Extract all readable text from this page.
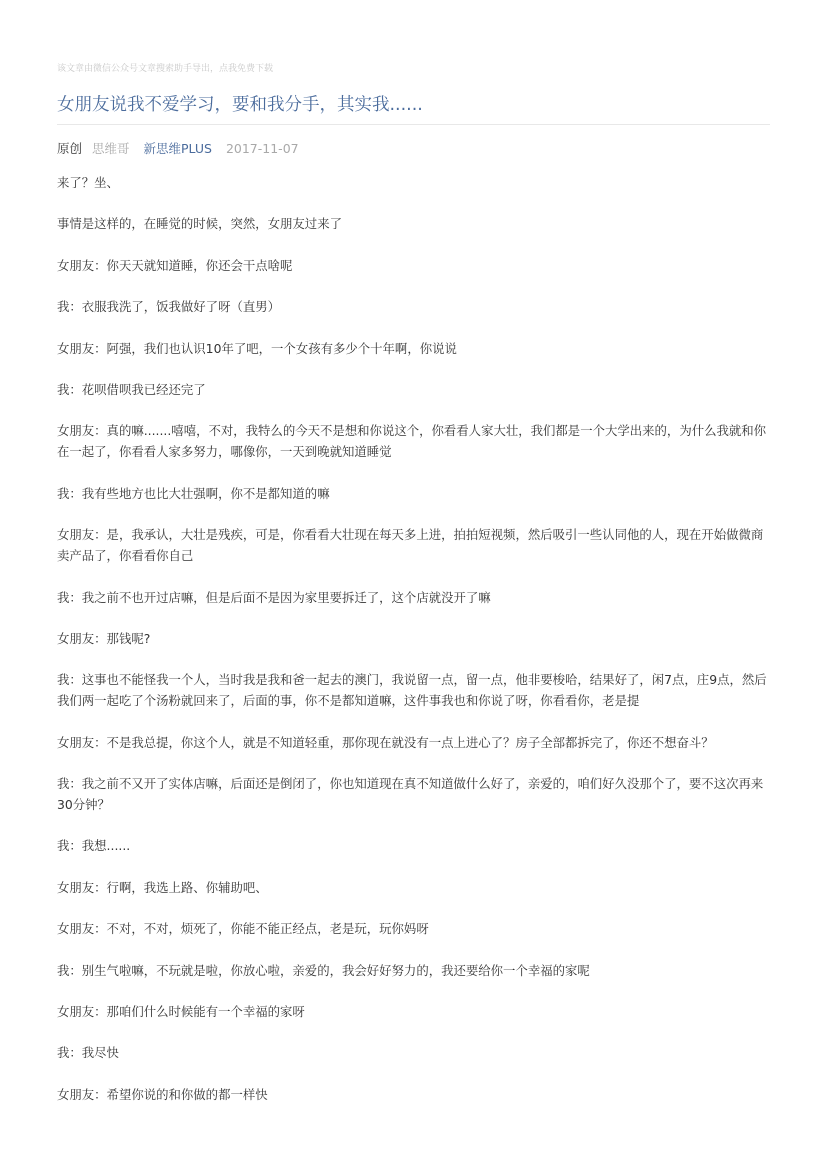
该文章由微信公众号文章搜索助手导出，点我免费下载
女朋友说我不爱学习，要和我分手，其实我......
原创 思维哥 新思维PLUS 2017-11-07

来了？坐、

事情是这样的，在睡觉的时候，突然，女朋友过来了

女朋友：你天天就知道睡，你还会干点啥呢

我：衣服我洗了，饭我做好了呀（直男）

女朋友：阿强，我们也认识10年了吧，一个女孩有多少个十年啊，你说说

我：花呗借呗我已经还完了

女朋友：真的嘛.......嘻嘻，不对，我特么的今天不是想和你说这个，你看看人家大壮，我们都是一个大学出来的，为什么我就和你在一起了，你看看人家多努力，哪像你，一天到晚就知道睡觉

我：我有些地方也比大壮强啊，你不是都知道的嘛

女朋友：是，我承认，大壮是残疾，可是，你看看大壮现在每天多上进，拍拍短视频，然后吸引一些认同他的人，现在开始做微商卖产品了，你看看你自己

我：我之前不也开过店嘛，但是后面不是因为家里要拆迁了，这个店就没开了嘛

女朋友：那钱呢?

我：这事也不能怪我一个人，当时我是我和爸一起去的澳门，我说留一点，留一点，他非要梭哈，结果好了，闲7点，庄9点，然后我们两一起吃了个汤粉就回来了，后面的事，你不是都知道嘛，这件事我也和你说了呀，你看看你，老是提

女朋友：不是我总提，你这个人，就是不知道轻重，那你现在就没有一点上进心了？房子全部都拆完了，你还不想奋斗？

我：我之前不又开了实体店嘛，后面还是倒闭了，你也知道现在真不知道做什么好了，亲爱的，咱们好久没那个了，要不这次再来30分钟？

我：我想......

女朋友：行啊，我选上路、你辅助吧、

女朋友：不对，不对，烦死了，你能不能正经点，老是玩，玩你妈呀

我：别生气啦嘛，不玩就是啦，你放心啦，亲爱的，我会好好努力的，我还要给你一个幸福的家呢

女朋友：那咱们什么时候能有一个幸福的家呀

我：我尽快

女朋友：希望你说的和你做的都一样快
